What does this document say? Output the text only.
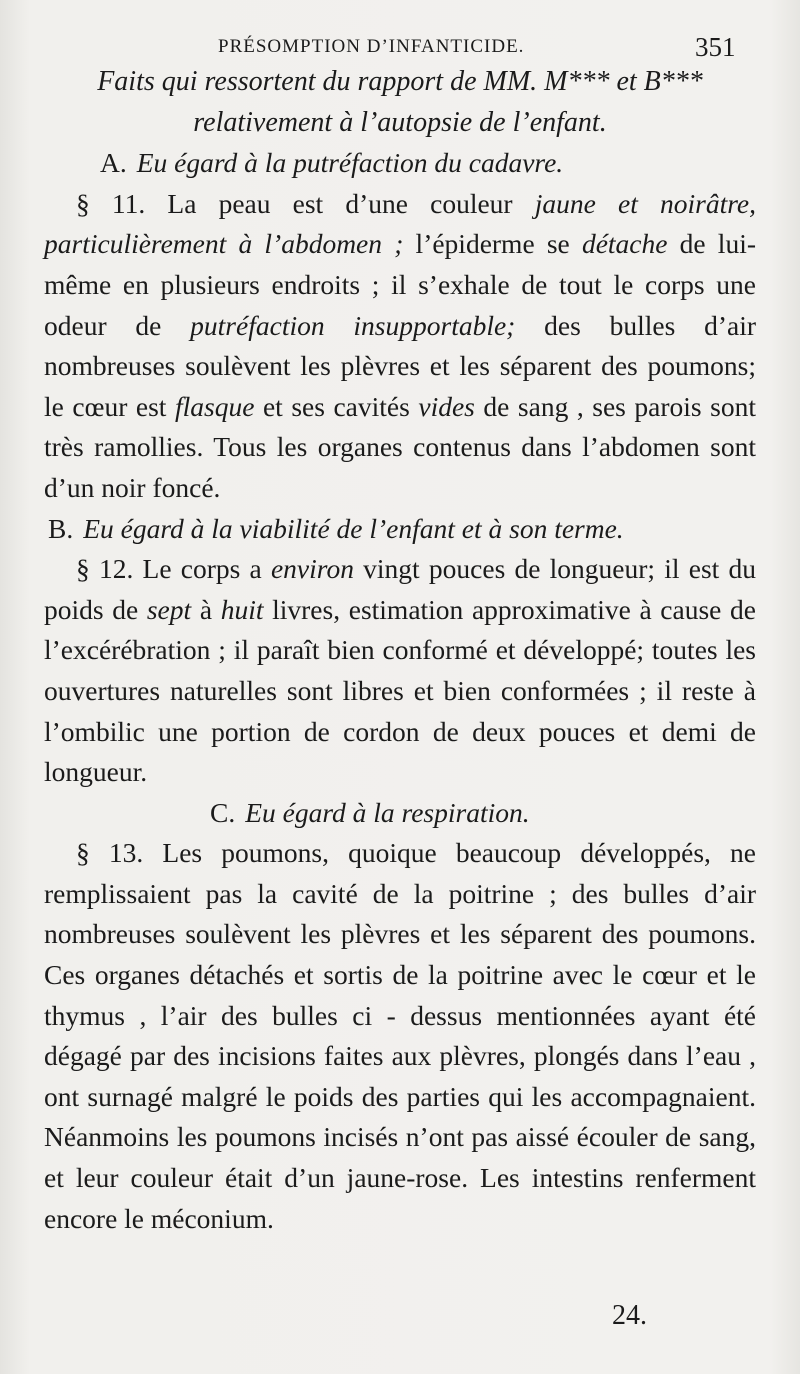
PRÉSOMPTION D’INFANTICIDE.	351

Faits qui ressortent du rapport de MM. M*** et B***
relativement à l’autopsie de l’enfant.

A. Eu égard à la putréfaction du cadavre.

§ 11. La peau est d’une couleur jaune et noirâtre, particulièrement à l’abdomen ; l’épiderme se détache de lui-même en plusieurs endroits ; il s’exhale de tout le corps une odeur de putréfaction insupportable; des bulles d’air nombreuses soulèvent les plèvres et les séparent des poumons; le cœur est flasque et ses cavités vides de sang , ses parois sont très ramollies. Tous les organes contenus dans l’abdomen sont d’un noir foncé.

B. Eu égard à la viabilité de l’enfant et à son terme.

§ 12. Le corps a environ vingt pouces de longueur; il est du poids de sept à huit livres, estimation approximative à cause de l’excérébration ; il paraît bien conformé et développé; toutes les ouvertures naturelles sont libres et bien conformées ; il reste à l’ombilic une portion de cordon de deux pouces et demi de longueur.

C. Eu égard à la respiration.

§ 13. Les poumons, quoique beaucoup développés, ne remplissaient pas la cavité de la poitrine ; des bulles d’air nombreuses soulèvent les plèvres et les séparent des poumons. Ces organes détachés et sortis de la poitrine avec le cœur et le thymus , l’air des bulles ci - dessus mentionnées ayant été dégagé par des incisions faites aux plèvres, plongés dans l’eau , ont surnagé malgré le poids des parties qui les accompagnaient. Néanmoins les poumons incisés n’ont pas aissé écouler de sang, et leur couleur était d’un jaune-rose. Les intestins renferment encore le méconium.

24.
